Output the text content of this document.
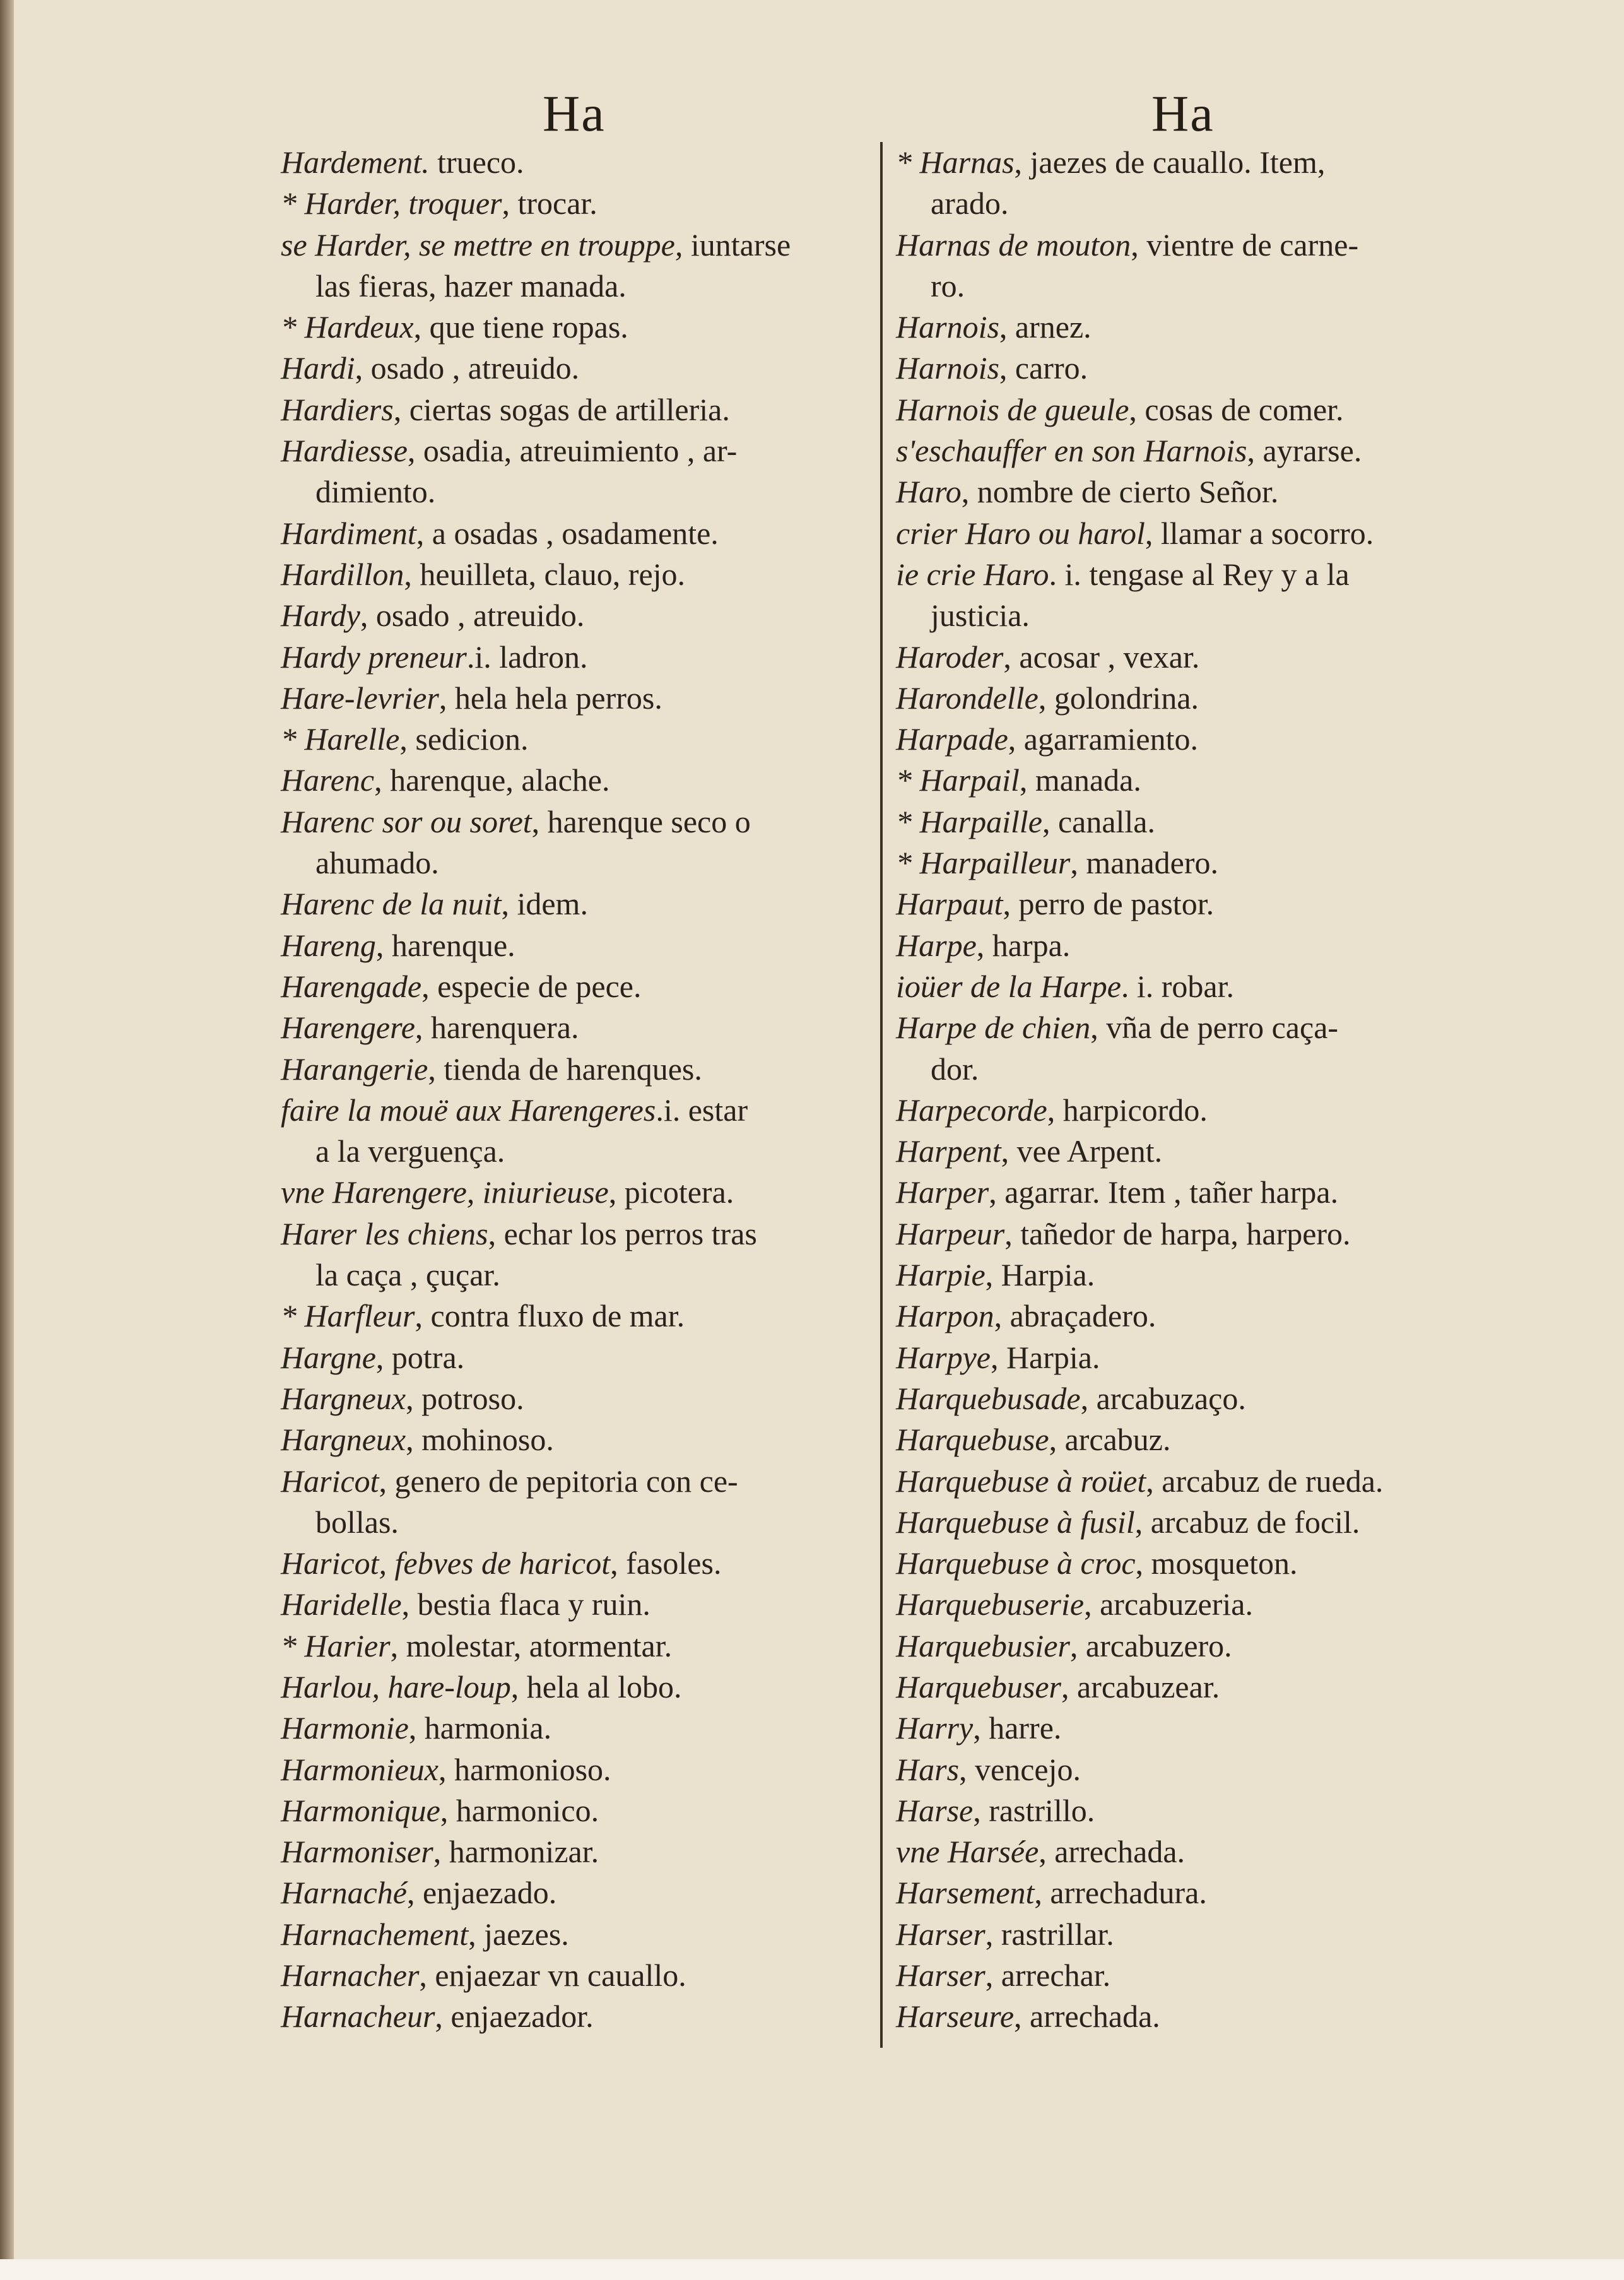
Ha	Ha
Hardement. trueco.
* Harder, troquer, trocar.
se Harder, se mettre en trouppe, iuntarse
las fieras, hazer manada.
* Hardeux, que tiene ropas.
Hardi, osado , atreuido.
Hardiers, ciertas sogas de artilleria.
Hardiesse, osadia, atreuimiento , ar-
dimiento.
Hardiment, a osadas , osadamente.
Hardillon, heuilleta, clauo, rejo.
Hardy, osado , atreuido.
Hardy preneur.i. ladron.
Hare-levrier, hela hela perros.
* Harelle, sedicion.
Harenc, harenque, alache.
Harenc sor ou soret, harenque seco o
ahumado.
Harenc de la nuit, idem.
Hareng, harenque.
Harengade, especie de pece.
Harengere, harenquera.
Harangerie, tienda de harenques.
faire la mouë aux Harengeres.i. estar
a la verguença.
vne Harengere, iniurieuse, picotera.
Harer les chiens, echar los perros tras
la caça , çuçar.
* Harfleur, contra fluxo de mar.
Hargne, potra.
Hargneux, potroso.
Hargneux, mohinoso.
Haricot, genero de pepitoria con ce-
bollas.
Haricot, febves de haricot, fasoles.
Haridelle, bestia flaca y ruin.
* Harier, molestar, atormentar.
Harlou, hare-loup, hela al lobo.
Harmonie, harmonia.
Harmonieux, harmonioso.
Harmonique, harmonico.
Harmoniser, harmonizar.
Harnaché, enjaezado.
Harnachement, jaezes.
Harnacher, enjaezar vn cauallo.
Harnacheur, enjaezador.
* Harnas, jaezes de cauallo. Item,
arado.
Harnas de mouton, vientre de carne-
ro.
Harnois, arnez.
Harnois, carro.
Harnois de gueule, cosas de comer.
s'eschauffer en son Harnois, ayrarse.
Haro, nombre de cierto Señor.
crier Haro ou harol, llamar a socorro.
ie crie Haro. i. tengase al Rey y a la
justicia.
Haroder, acosar , vexar.
Harondelle, golondrina.
Harpade, agarramiento.
* Harpail, manada.
* Harpaille, canalla.
* Harpailleur, manadero.
Harpaut, perro de pastor.
Harpe, harpa.
ioüer de la Harpe. i. robar.
Harpe de chien, vña de perro caça-
dor.
Harpecorde, harpicordo.
Harpent, vee Arpent.
Harper, agarrar. Item , tañer harpa.
Harpeur, tañedor de harpa, harpero.
Harpie, Harpia.
Harpon, abraçadero.
Harpye, Harpia.
Harquebusade, arcabuzaço.
Harquebuse, arcabuz.
Harquebuse à roüet, arcabuz de rueda.
Harquebuse à fusil, arcabuz de focil.
Harquebuse à croc, mosqueton.
Harquebuserie, arcabuzeria.
Harquebusier, arcabuzero.
Harquebuser, arcabuzear.
Harry, harre.
Hars, vencejo.
Harse, rastrillo.
vne Harsée, arrechada.
Harsement, arrechadura.
Harser, rastrillar.
Harser, arrechar.
Harseure, arrechada.
